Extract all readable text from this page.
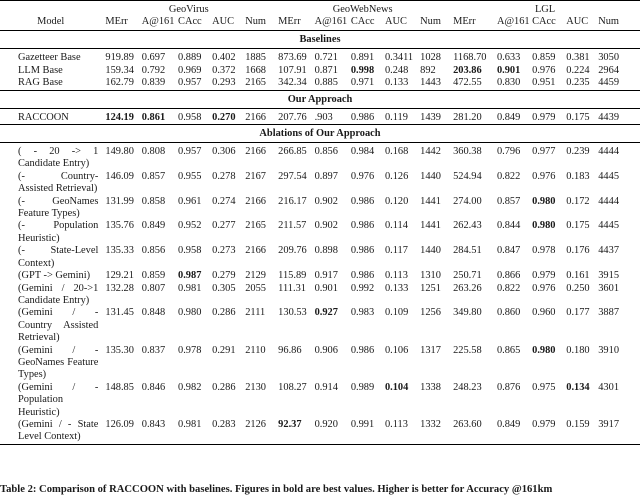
	GeoVirus					GeoWebNews					LGL				
Model	MErr	A@161	CAcc	AUC	Num	MErr	A@161	CAcc	AUC	Num	MErr	A@161	CAcc	AUC	Num
Baselines															

Gazetteer Base	919.89	0.697	0.889	0.402	1885	873.69	0.721	0.891	0.3411	1028	1168.70	0.633	0.859	0.381	3050
LLM Base	159.34	0.792	0.969	0.372	1668	107.91	0.871	0.998	0.248	892	203.86	0.901	0.976	0.224	2964
RAG Base	162.79	0.839	0.957	0.293	2165	342.34	0.885	0.971	0.133	1443	472.55	0.830	0.951	0.235	4459
Our Approach															

RACCOON	124.19	0.861	0.958	0.270	2166	207.76	.903	0.986	0.119	1439	281.20	0.849	0.979	0.175	4439
Ablations of Our Approach															

( - 20 -> 1 Candidate Entry)	149.80	0.808	0.957	0.306	2166	266.85	0.856	0.984	0.168	1442	360.38	0.796	0.977	0.239	4444
(- Country-Assisted Retrieval)	146.09	0.857	0.955	0.278	2167	297.54	0.897	0.976	0.126	1440	524.94	0.822	0.976	0.183	4445
(- GeoNames Feature Types)	131.99	0.858	0.961	0.274	2166	216.17	0.902	0.986	0.120	1441	274.00	0.857	0.980	0.172	4444
(- Population Heuristic)	135.76	0.849	0.952	0.277	2165	211.57	0.902	0.986	0.114	1441	262.43	0.844	0.980	0.175	4445
(- State-Level Context)	135.33	0.856	0.958	0.273	2166	209.76	0.898	0.986	0.117	1440	284.51	0.847	0.978	0.176	4437
(GPT -> Gemini)	129.21	0.859	0.987	0.279	2129	115.89	0.917	0.986	0.113	1310	250.71	0.866	0.979	0.161	3915
(Gemini / 20->1 Candidate Entry)	132.28	0.807	0.981	0.305	2055	111.31	0.901	0.992	0.133	1251	263.26	0.822	0.976	0.250	3601
(Gemini / - Country Assisted Retrieval)	131.45	0.848	0.980	0.286	2111	130.53	0.927	0.983	0.109	1256	349.80	0.860	0.960	0.177	3887
(Gemini / - GeoNames Feature Types)	135.30	0.837	0.978	0.291	2110	96.86	0.906	0.986	0.106	1317	225.58	0.865	0.980	0.180	3910
(Gemini / - Population Heuristic)	148.85	0.846	0.982	0.286	2130	108.27	0.914	0.989	0.104	1338	248.23	0.876	0.975	0.134	4301
(Gemini / - State Level Context)	126.09	0.843	0.981	0.283	2126	92.37	0.920	0.991	0.113	1332	263.60	0.849	0.979	0.159	3917
Table 2: Comparison of RACCOON with baselines. Figures in bold are best values. Higher is better for Accuracy @161km
